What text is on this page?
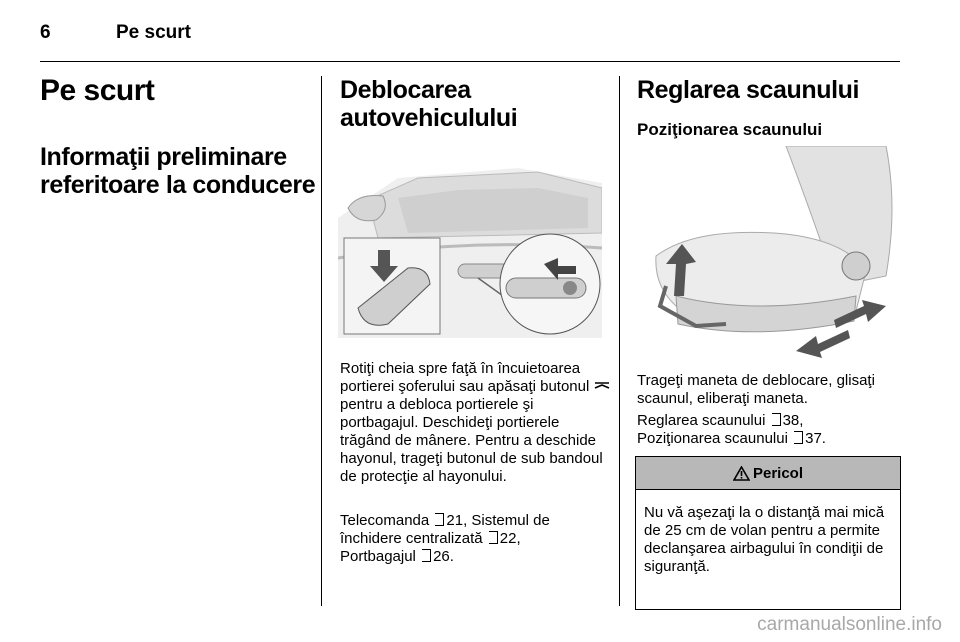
6	Pe scurt
Pe scurt
Informaţii preliminare referitoare la conducere
Deblocarea autovehiculului

Rotiţi cheia spre faţă în încuietoarea portierei şoferului sau apăsaţi butonul  pentru a debloca portierele şi portbagajul. Deschideţi portierele trăgând de mânere. Pentru a deschide hayonul, trageţi butonul de sub bandoul de protecţie al hayonului.

Telecomanda 21, Sistemul de închidere centralizată 22,
Portbagajul 26.

Reglarea scaunului
Poziţionarea scaunului

Trageţi maneta de deblocare, glisaţi scaunul, eliberaţi maneta.

Reglarea scaunului 38,
Poziţionarea scaunului 37.

Pericol
Nu vă aşezaţi la o distanţă mai mică de 25 cm de volan pentru a permite declanşarea airbagului în condiţii de siguranţă.
carmanualsonline.info
